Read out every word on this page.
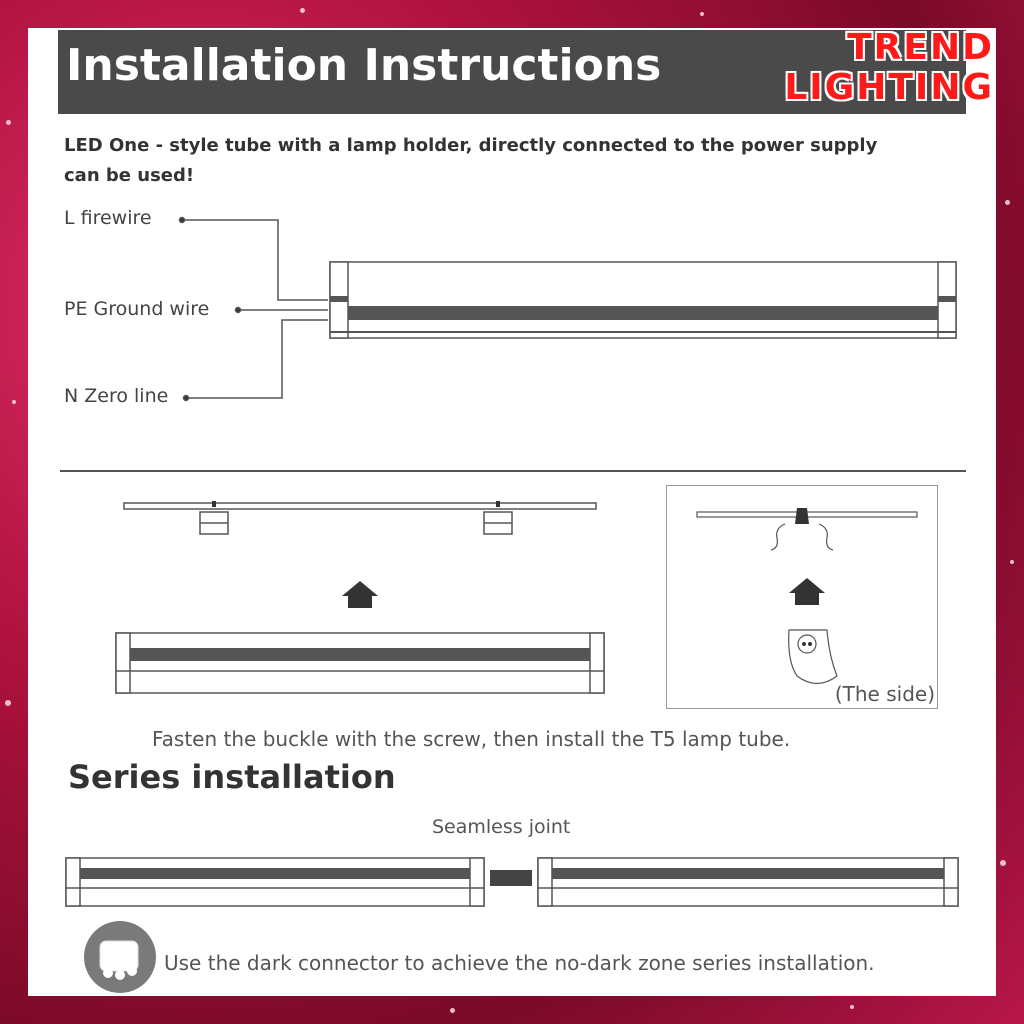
Installation Instructions	TREND
LIGHTING
LED One - style tube with a lamp holder, directly connected to the power supply can be used!
L firewire
PE Ground wire
N Zero line
(The side)
Fasten the buckle with the screw, then install the T5 lamp tube.
Series installation
Seamless joint
Use the dark connector to achieve the no-dark zone series installation.
